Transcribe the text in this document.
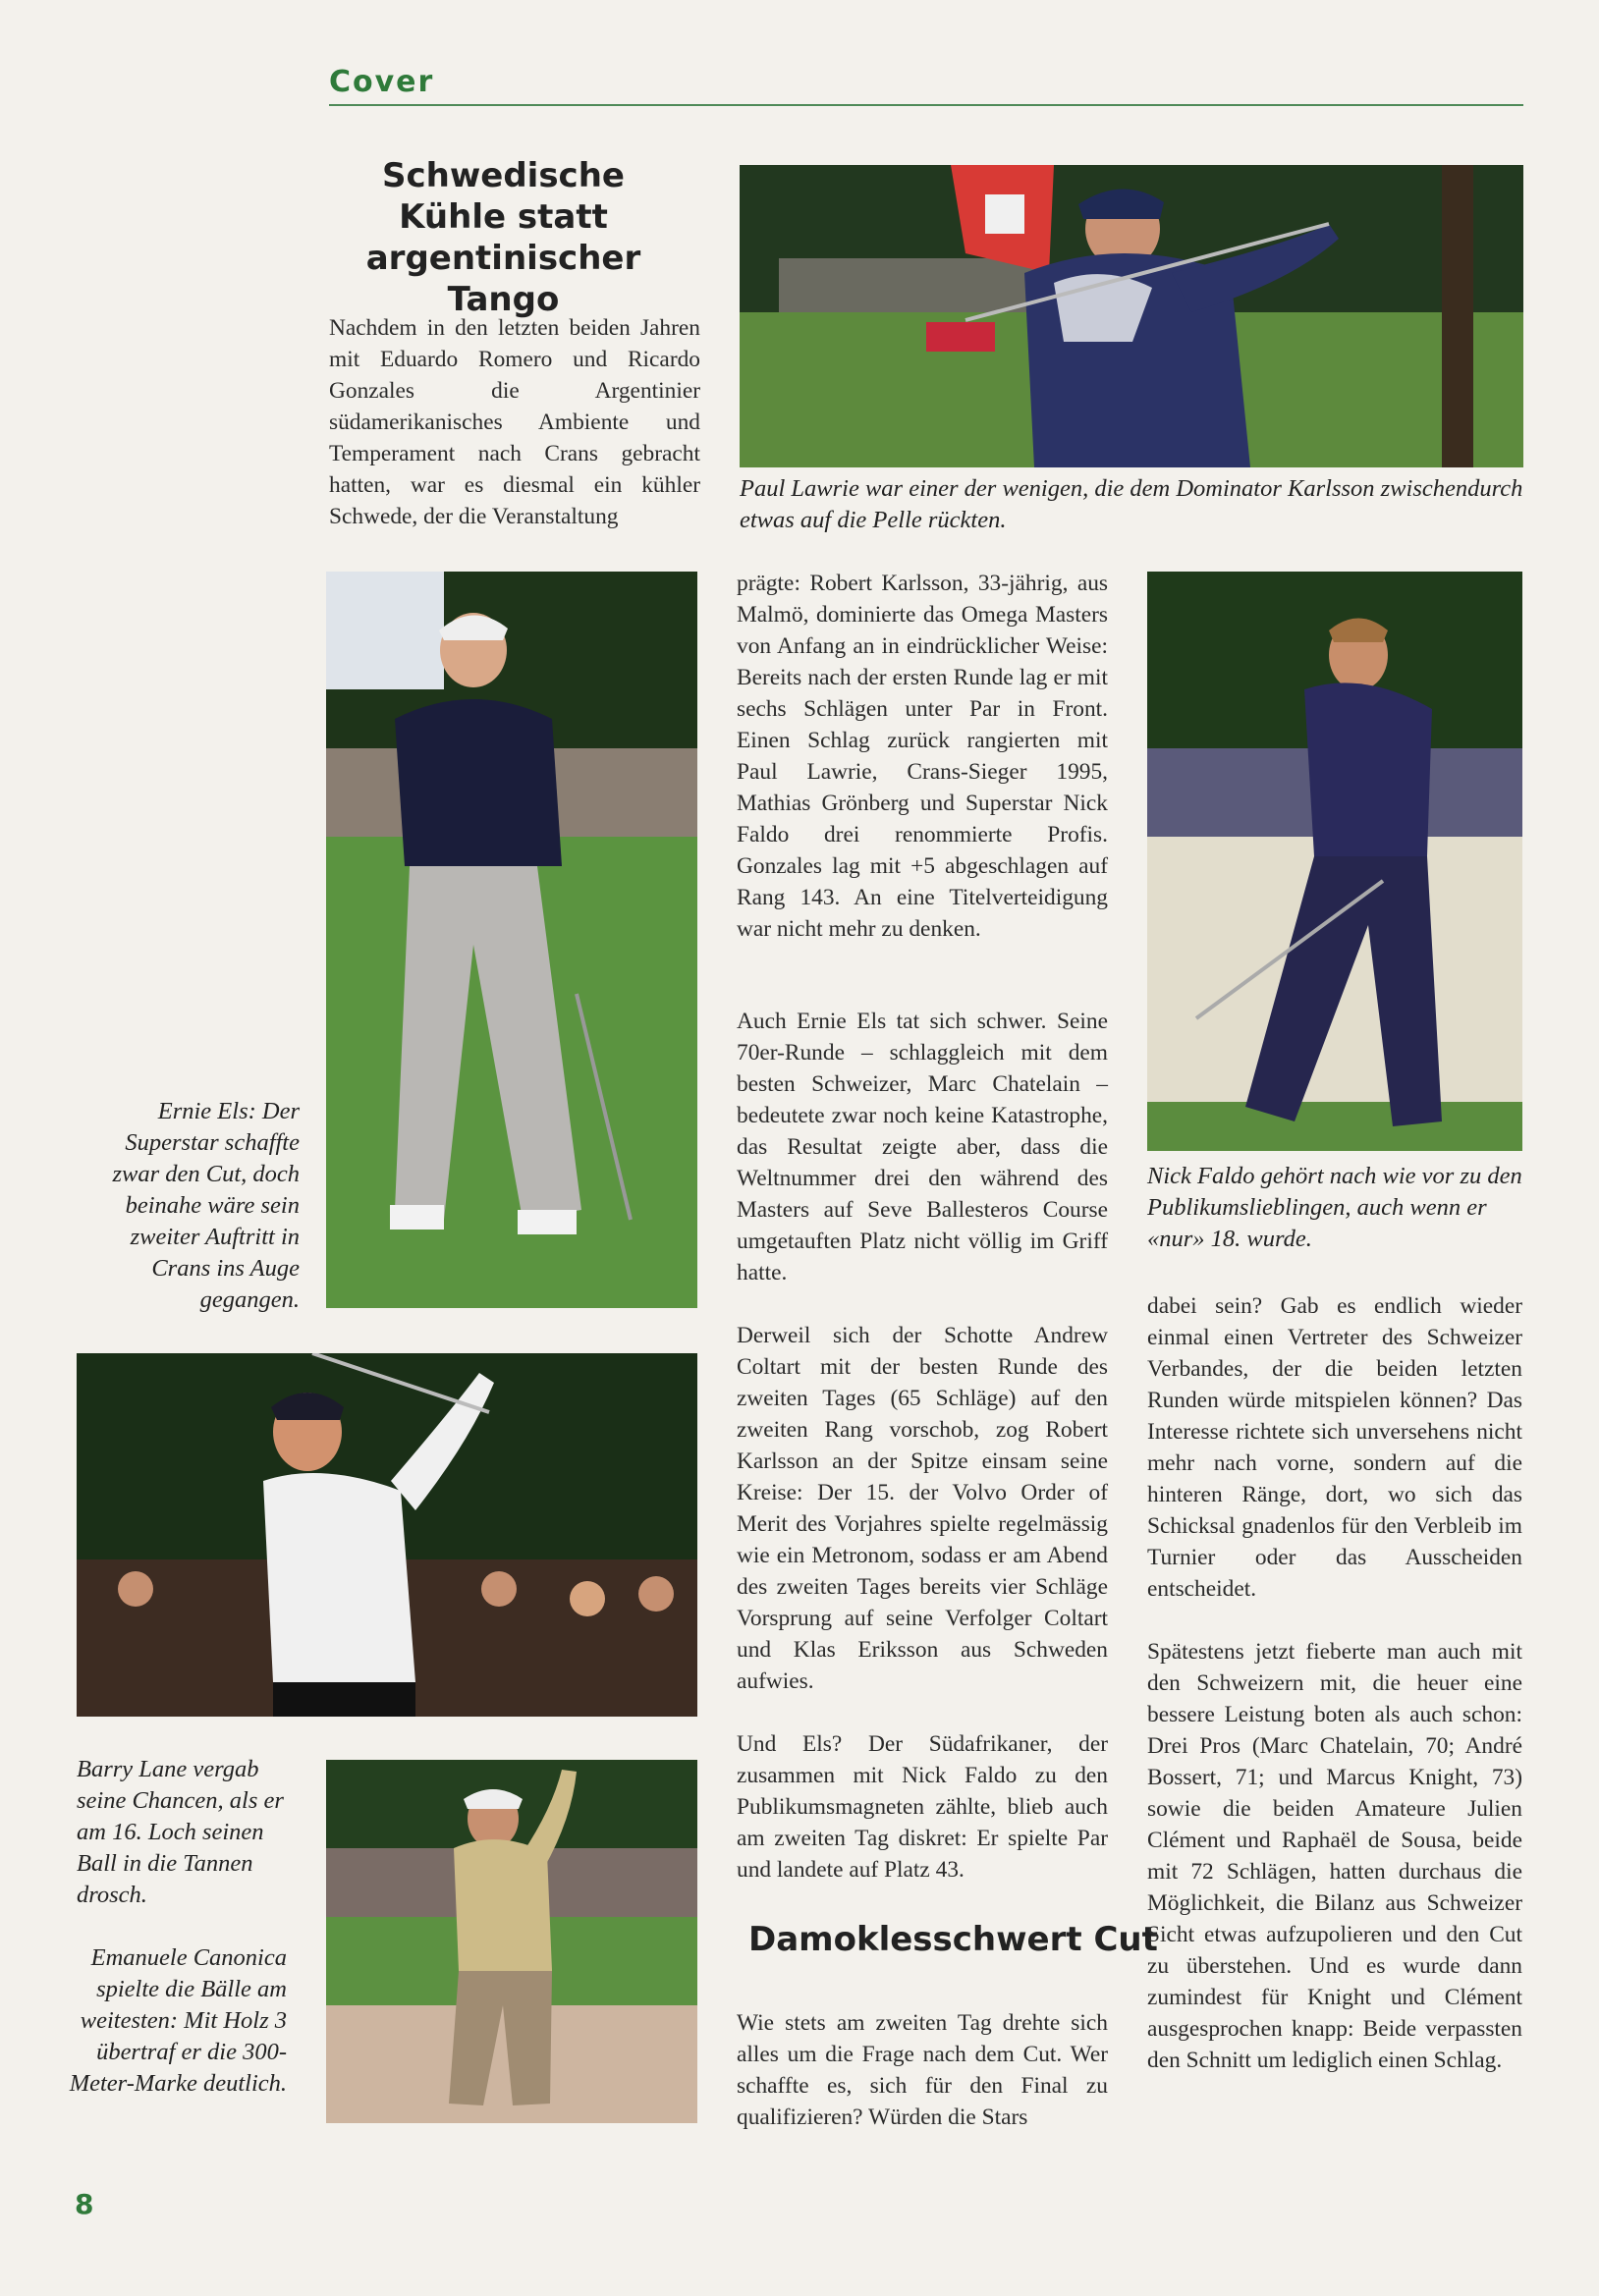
Cover
Schwedische Kühle statt argentinischer Tango
Nachdem in den letzten beiden Jahren mit Eduardo Romero und Ricardo Gonzales die Argentinier südamerikanisches Ambiente und Temperament nach Crans gebracht hatten, war es diesmal ein kühler Schwede, der die Veranstaltung
Paul Lawrie war einer der wenigen, die dem Dominator Karlsson zwischendurch etwas auf die Pelle rückten.
Ernie Els: Der Superstar schaffte zwar den Cut, doch beinahe wäre sein zweiter Auftritt in Crans ins Auge gegangen.
prägte: Robert Karlsson, 33-jährig, aus Malmö, dominierte das Omega Masters von Anfang an in eindrücklicher Weise: Bereits nach der ersten Runde lag er mit sechs Schlägen unter Par in Front. Einen Schlag zurück rangierten mit Paul Lawrie, Crans-Sieger 1995, Mathias Grönberg und Superstar Nick Faldo drei renommierte Profis. Gonzales lag mit +5 abgeschlagen auf Rang 143. An eine Titelverteidigung war nicht mehr zu denken.
Auch Ernie Els tat sich schwer. Seine 70er-Runde – schlaggleich mit dem besten Schweizer, Marc Chatelain – bedeutete zwar noch keine Katastrophe, das Resultat zeigte aber, dass die Weltnummer drei den während des Masters auf Seve Ballesteros Course umgetauften Platz nicht völlig im Griff hatte.
Derweil sich der Schotte Andrew Coltart mit der besten Runde des zweiten Tages (65 Schläge) auf den zweiten Rang vorschob, zog Robert Karlsson an der Spitze einsam seine Kreise: Der 15. der Volvo Order of Merit des Vorjahres spielte regelmässig wie ein Metronom, sodass er am Abend des zweiten Tages bereits vier Schläge Vorsprung auf seine Verfolger Coltart und Klas Eriksson aus Schweden aufwies.
Und Els? Der Südafrikaner, der zusammen mit Nick Faldo zu den Publikumsmagneten zählte, blieb auch am zweiten Tag diskret: Er spielte Par und landete auf Platz 43.
Damoklesschwert Cut
Wie stets am zweiten Tag drehte sich alles um die Frage nach dem Cut. Wer schaffte es, sich für den Final zu qualifizieren? Würden die Stars
Nick Faldo gehört nach wie vor zu den Publikumslieblingen, auch wenn er «nur» 18. wurde.
dabei sein? Gab es endlich wieder einmal einen Vertreter des Schweizer Verbandes, der die beiden letzten Runden würde mitspielen können? Das Interesse richtete sich unversehens nicht mehr nach vorne, sondern auf die hinteren Ränge, dort, wo sich das Schicksal gnadenlos für den Verbleib im Turnier oder das Ausscheiden entscheidet.
Spätestens jetzt fieberte man auch mit den Schweizern mit, die heuer eine bessere Leistung boten als auch schon: Drei Pros (Marc Chatelain, 70; André Bossert, 71; und Marcus Knight, 73) sowie die beiden Amateure Julien Clément und Raphaël de Sousa, beide mit 72 Schlägen, hatten durchaus die Möglichkeit, die Bilanz aus Schweizer Sicht etwas aufzupolieren und den Cut zu überstehen. Und es wurde dann zumindest für Knight und Clément ausgesprochen knapp: Beide verpassten den Schnitt um lediglich einen Schlag.
Barry Lane vergab seine Chancen, als er am 16. Loch seinen Ball in die Tannen drosch.
Emanuele Canonica spielte die Bälle am weitesten: Mit Holz 3 übertraf er die 300-Meter-Marke deutlich.
8
